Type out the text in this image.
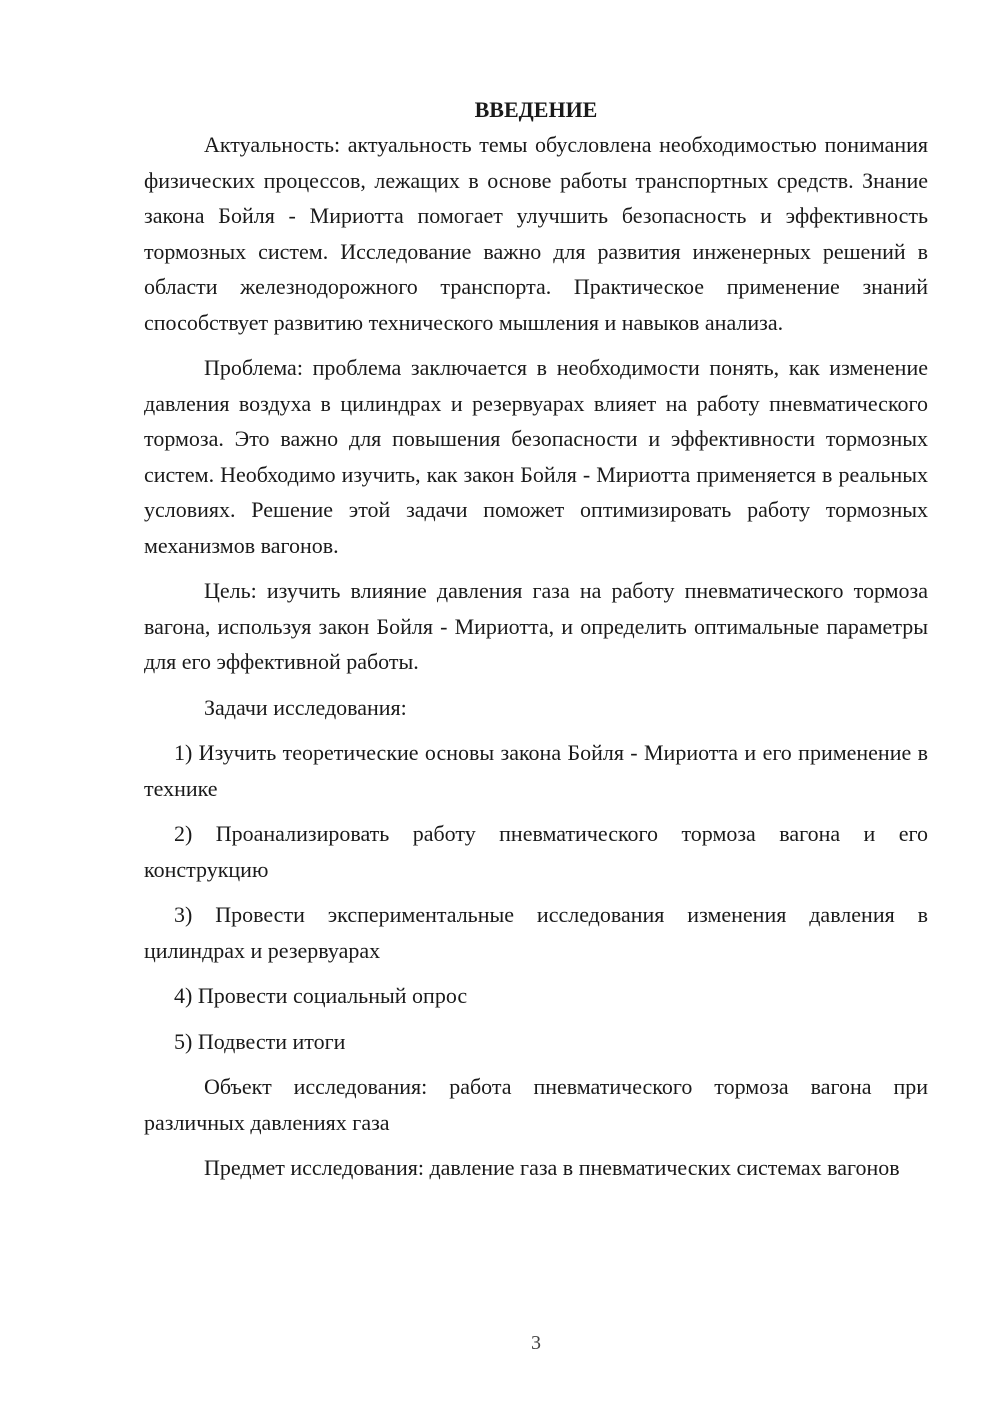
ВВЕДЕНИЕ

Актуальность: актуальность темы обусловлена необходимостью понимания физических процессов, лежащих в основе работы транспортных средств. Знание закона Бойля - Мириотта помогает улучшить безопасность и эффективность тормозных систем. Исследование важно для развития инженерных решений в области железнодорожного транспорта. Практическое применение знаний способствует развитию технического мышления и навыков анализа.

Проблема: проблема заключается в необходимости понять, как изменение давления воздуха в цилиндрах и резервуарах влияет на работу пневматического тормоза. Это важно для повышения безопасности и эффективности тормозных систем. Необходимо изучить, как закон Бойля - Мириотта применяется в реальных условиях. Решение этой задачи поможет оптимизировать работу тормозных механизмов вагонов.

Цель: изучить влияние давления газа на работу пневматического тормоза вагона, используя закон Бойля - Мириотта, и определить оптимальные параметры для его эффективной работы.

Задачи исследования:

1) Изучить теоретические основы закона Бойля - Мириотта и его применение в технике

2) Проанализировать работу пневматического тормоза вагона и его конструкцию

3) Провести экспериментальные исследования изменения давления в цилиндрах и резервуарах

4) Провести социальный опрос

5) Подвести итоги

Объект исследования: работа пневматического тормоза вагона при различных давлениях газа

Предмет исследования: давление газа в пневматических системах вагонов

3
